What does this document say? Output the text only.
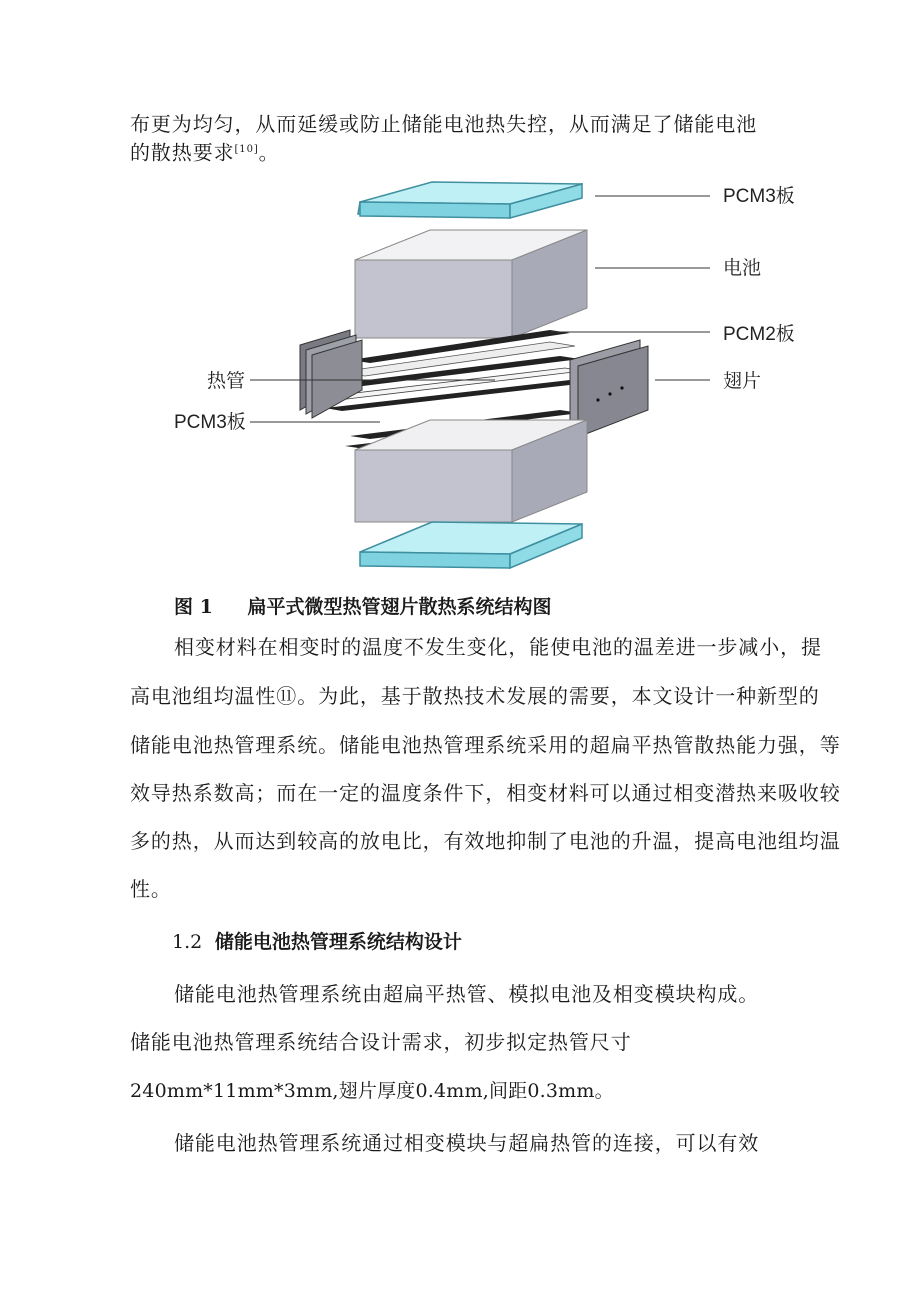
布更为均匀，从而延缓或防止储能电池热失控，从而满足了储能电池
的散热要求[10]。
PCM3板
电池
PCM2板
热管	翅片
PCM3板
图 1 扁平式微型热管翅片散热系统结构图
相变材料在相变时的温度不发生变化，能使电池的温差进一步减小，提
高电池组均温性⑪。为此，基于散热技术发展的需要，本文设计一种新型的
储能电池热管理系统。储能电池热管理系统采用的超扁平热管散热能力强，等
效导热系数高；而在一定的温度条件下，相变材料可以通过相变潜热来吸收较
多的热，从而达到较高的放电比，有效地抑制了电池的升温，提高电池组均温
性。
1.2 储能电池热管理系统结构设计
储能电池热管理系统由超扁平热管、模拟电池及相变模块构成。
储能电池热管理系统结合设计需求，初步拟定热管尺寸
240mm*11mm*3mm,翅片厚度0.4mm,间距0.3mm。
储能电池热管理系统通过相变模块与超扁热管的连接，可以有效
